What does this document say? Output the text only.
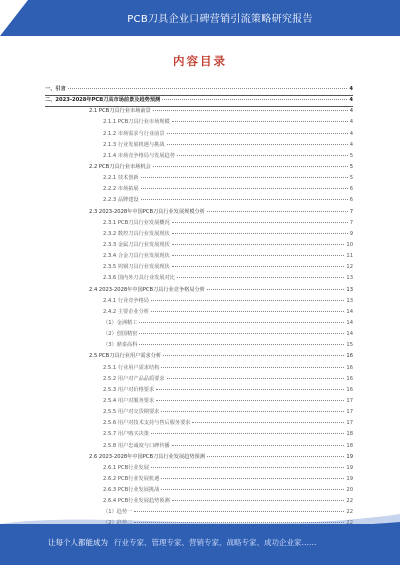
PCB刀具企业口碑营销引流策略研究报告
内容目录
一、引言	4
二、2023-2028年PCB刀具市场前景及趋势预测	4
2.1 PCB刀具行业市场前景	4
2.1.1 PCB刀具行业市场规模	4
2.1.2 市场需求与行业前景	4
2.1.3 行业发展机遇与挑战	4
2.1.4 市场竞争格局与发展趋势	5
2.2 PCB刀具行业市场机会	5
2.2.1 技术创新	5
2.2.2 市场拓展	6
2.2.3 品牌建设	6
2.3 2023-2028年中国PCB刀具行业发展规模分析	7
2.3.1 PCB刀具行业发展概况	7
2.3.2 数控刀具行业发展现状	9
2.3.3 金属刀具行业发展现状	10
2.3.4 合金刀具行业发展现状	11
2.3.5 钨钢刀具行业发展现状	12
2.3.6 国内外刀具行业发展对比	13
2.4 2023-2028年中国PCB刀具行业竞争格局分析	13
2.4.1 行业竞争格局	13
2.4.2 主要企业分析	14
（1）金洲精工	14
（2）创国精密	14
（3）鼎泰高科	15
2.5 PCB刀具行业用户需求分析	16
2.5.1 行业用户需求结构	16
2.5.2 用户对产品品质要求	16
2.5.3 用户对价格要求	16
2.5.4 用户对服务要求	17
2.5.5 用户对交货期要求	17
2.5.6 用户对技术支持与售后服务要求	17
2.5.7 用户购买决策	18
2.5.8 用户忠诚度与口碑传播	18
2.6 2023-2028年中国PCB刀具行业发展趋势预测	19
2.6.1 PCB行业发展	19
2.6.2 PCB行业发展机遇	19
2.6.3 PCB行业发展挑战	20
2.6.4 PCB行业发展趋势预测	22
（1）趋势一	22
让每个人都能成为 行业专家、管理专家、营销专家、战略专家、成功企业家……
